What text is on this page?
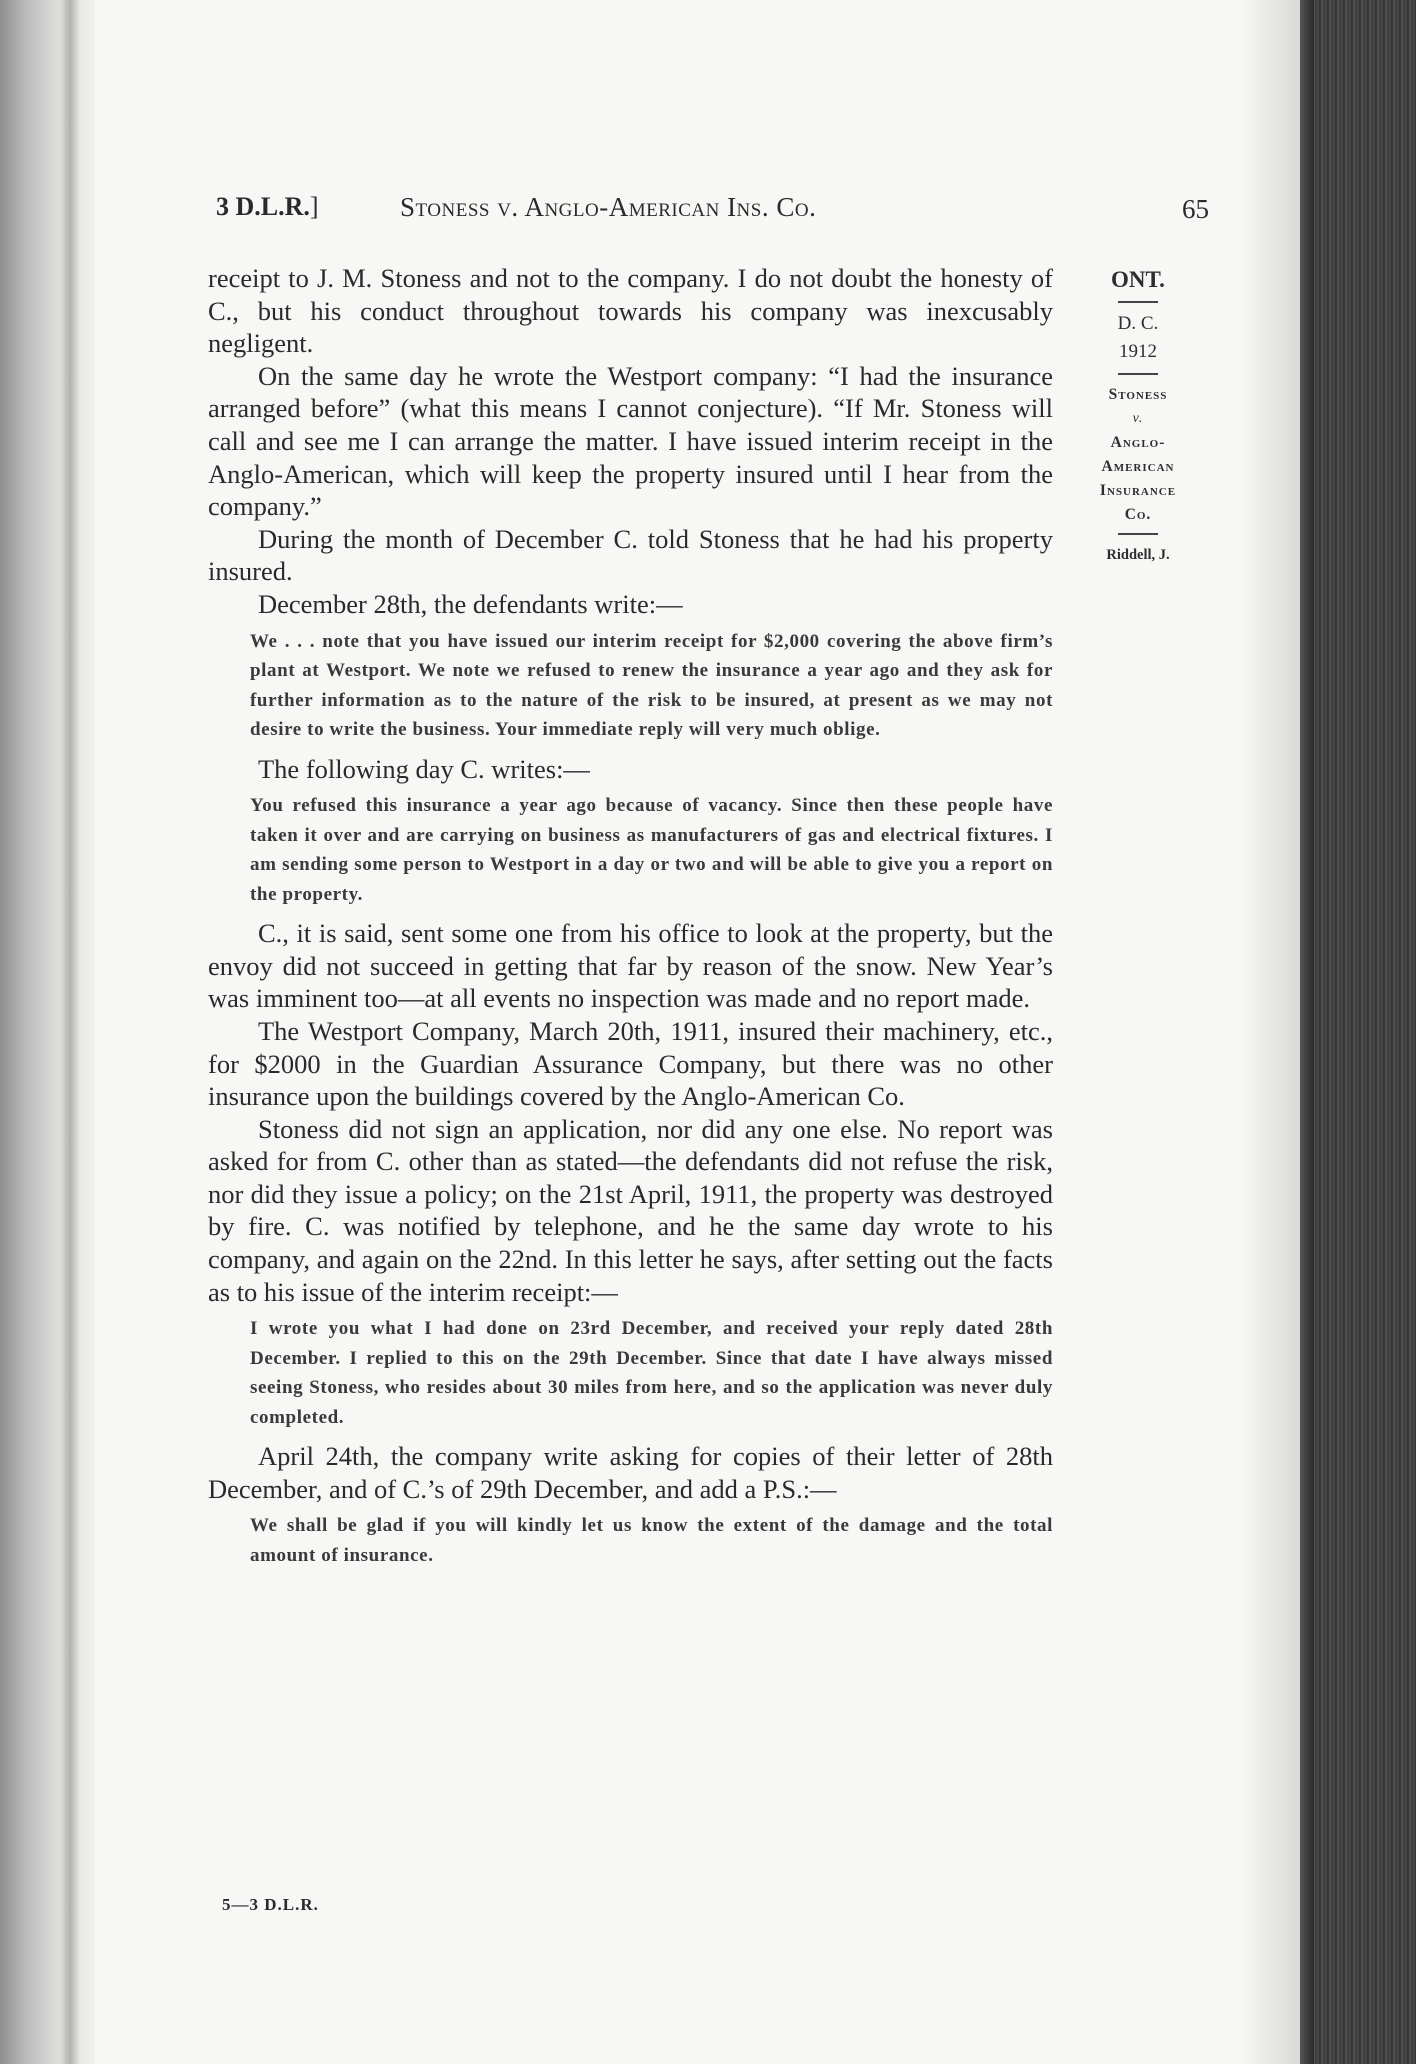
3 D.L.R.]	Stoness v. Anglo-American Ins. Co.	65
ONT.
D. C.
1912
Stoness
v.
Anglo-
American
Insurance
Co.
Riddell, J.

receipt to J. M. Stoness and not to the company. I do not doubt the honesty of C., but his conduct throughout towards his company was inexcusably negligent.

On the same day he wrote the Westport company: “I had the insurance arranged before” (what this means I cannot conjecture). “If Mr. Stoness will call and see me I can arrange the matter. I have issued interim receipt in the Anglo-American, which will keep the property insured until I hear from the company.”

During the month of December C. told Stoness that he had his property insured.

December 28th, the defendants write:—

We . . . note that you have issued our interim receipt for $2,000 covering the above firm’s plant at Westport. We note we refused to renew the insurance a year ago and they ask for further information as to the nature of the risk to be insured, at present as we may not desire to write the business. Your immediate reply will very much oblige.

The following day C. writes:—

You refused this insurance a year ago because of vacancy. Since then these people have taken it over and are carrying on business as manufacturers of gas and electrical fixtures. I am sending some person to Westport in a day or two and will be able to give you a report on the property.

C., it is said, sent some one from his office to look at the property, but the envoy did not succeed in getting that far by reason of the snow. New Year’s was imminent too—at all events no inspection was made and no report made.

The Westport Company, March 20th, 1911, insured their machinery, etc., for $2000 in the Guardian Assurance Company, but there was no other insurance upon the buildings covered by the Anglo-American Co.

Stoness did not sign an application, nor did any one else. No report was asked for from C. other than as stated—the defendants did not refuse the risk, nor did they issue a policy; on the 21st April, 1911, the property was destroyed by fire. C. was notified by telephone, and he the same day wrote to his company, and again on the 22nd. In this letter he says, after setting out the facts as to his issue of the interim receipt:—

I wrote you what I had done on 23rd December, and received your reply dated 28th December. I replied to this on the 29th December. Since that date I have always missed seeing Stoness, who resides about 30 miles from here, and so the application was never duly completed.

April 24th, the company write asking for copies of their letter of 28th December, and of C.’s of 29th December, and add a P.S.:—

We shall be glad if you will kindly let us know the extent of the damage and the total amount of insurance.

5—3 D.L.R.
